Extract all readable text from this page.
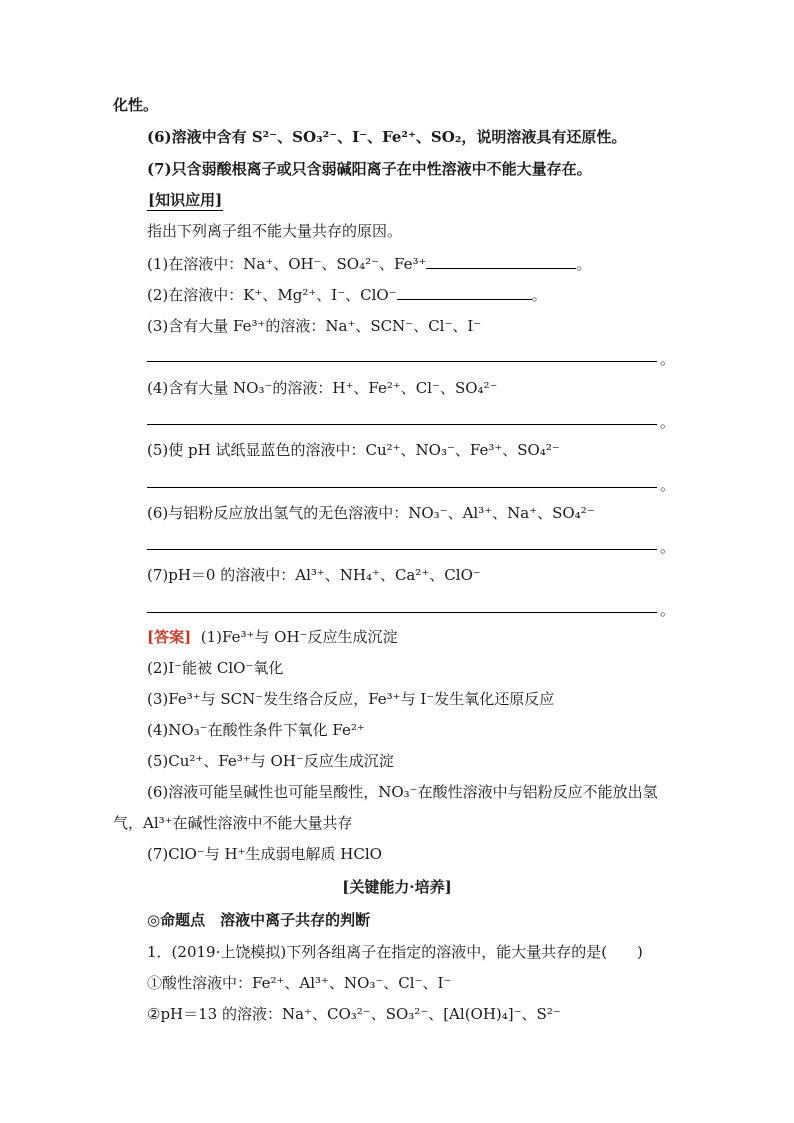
化性。
(6)溶液中含有 S²⁻、SO₃²⁻、I⁻、Fe²⁺、SO₂，说明溶液具有还原性。
(7)只含弱酸根离子或只含弱碱阳离子在中性溶液中不能大量存在。
[知识应用]
指出下列离子组不能大量共存的原因。
(1)在溶液中：Na⁺、OH⁻、SO₄²⁻、Fe³⁺	。
(2)在溶液中：K⁺、Mg²⁺、I⁻、ClO⁻	。
(3)含有大量 Fe³⁺的溶液：Na⁺、SCN⁻、Cl⁻、I⁻
。
(4)含有大量 NO₃⁻的溶液：H⁺、Fe²⁺、Cl⁻、SO₄²⁻
。
(5)使 pH 试纸显蓝色的溶液中：Cu²⁺、NO₃⁻、Fe³⁺、SO₄²⁻
。
(6)与铝粉反应放出氢气的无色溶液中：NO₃⁻、Al³⁺、Na⁺、SO₄²⁻
。
(7)pH＝0 的溶液中：Al³⁺、NH₄⁺、Ca²⁺、ClO⁻
。
[答案] (1)Fe³⁺与 OH⁻反应生成沉淀
(2)I⁻能被 ClO⁻氧化
(3)Fe³⁺与 SCN⁻发生络合反应，Fe³⁺与 I⁻发生氧化还原反应
(4)NO₃⁻在酸性条件下氧化 Fe²⁺
(5)Cu²⁺、Fe³⁺与 OH⁻反应生成沉淀
(6)溶液可能呈碱性也可能呈酸性，NO₃⁻在酸性溶液中与铝粉反应不能放出氢
气，Al³⁺在碱性溶液中不能大量共存
(7)ClO⁻与 H⁺生成弱电解质 HClO
[关键能力·培养]
◎命题点　溶液中离子共存的判断
1．(2019·上饶模拟)下列各组离子在指定的溶液中，能大量共存的是(　　)
①酸性溶液中：Fe²⁺、Al³⁺、NO₃⁻、Cl⁻、I⁻
②pH＝13 的溶液：Na⁺、CO₃²⁻、SO₃²⁻、[Al(OH)₄]⁻、S²⁻
